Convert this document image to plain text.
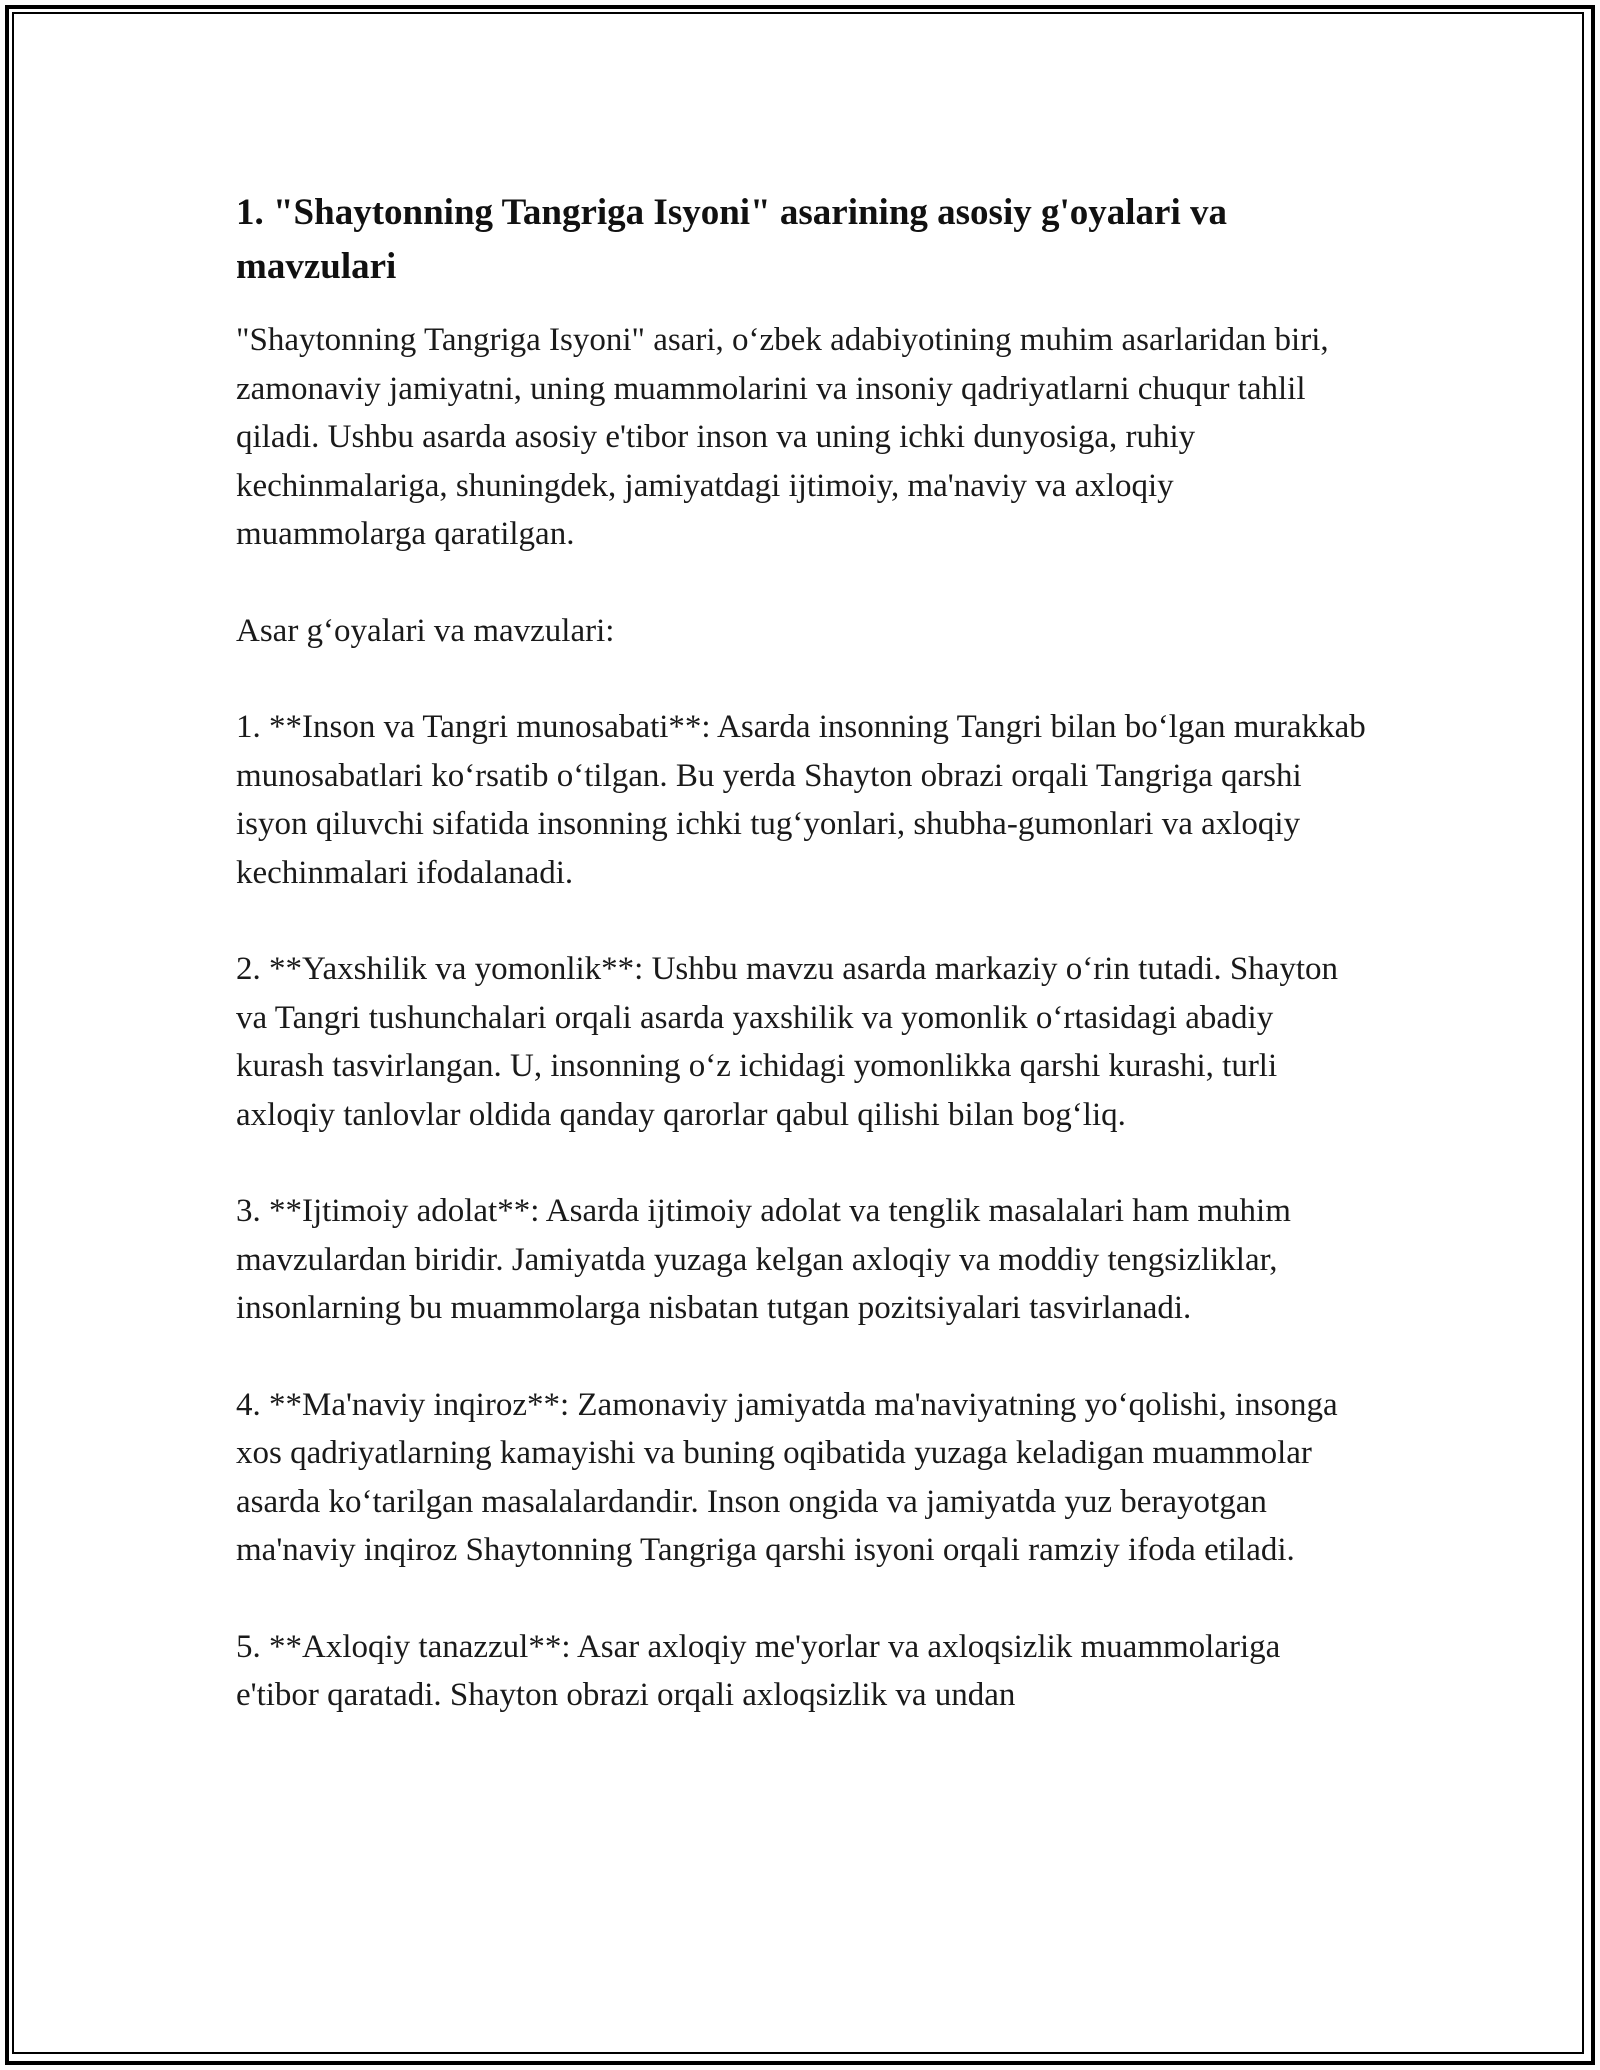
1. "Shaytonning Tangriga Isyoni" asarining asosiy g'oyalari va mavzulari

"Shaytonning Tangriga Isyoni" asari, o‘zbek adabiyotining muhim asarlaridan biri, zamonaviy jamiyatni, uning muammolarini va insoniy qadriyatlarni chuqur tahlil qiladi. Ushbu asarda asosiy e'tibor inson va uning ichki dunyosiga, ruhiy kechinmalariga, shuningdek, jamiyatdagi ijtimoiy, ma'naviy va axloqiy muammolarga qaratilgan.

Asar g‘oyalari va mavzulari:

1. **Inson va Tangri munosabati**: Asarda insonning Tangri bilan bo‘lgan murakkab munosabatlari ko‘rsatib o‘tilgan. Bu yerda Shayton obrazi orqali Tangriga qarshi isyon qiluvchi sifatida insonning ichki tug‘yonlari, shubha-gumonlari va axloqiy kechinmalari ifodalanadi.

2. **Yaxshilik va yomonlik**: Ushbu mavzu asarda markaziy o‘rin tutadi. Shayton va Tangri tushunchalari orqali asarda yaxshilik va yomonlik o‘rtasidagi abadiy kurash tasvirlangan. U, insonning o‘z ichidagi yomonlikka qarshi kurashi, turli axloqiy tanlovlar oldida qanday qarorlar qabul qilishi bilan bog‘liq.

3. **Ijtimoiy adolat**: Asarda ijtimoiy adolat va tenglik masalalari ham muhim mavzulardan biridir. Jamiyatda yuzaga kelgan axloqiy va moddiy tengsizliklar, insonlarning bu muammolarga nisbatan tutgan pozitsiyalari tasvirlanadi.

4. **Ma'naviy inqiroz**: Zamonaviy jamiyatda ma'naviyatning yo‘qolishi, insonga xos qadriyatlarning kamayishi va buning oqibatida yuzaga keladigan muammolar asarda ko‘tarilgan masalalardandir. Inson ongida va jamiyatda yuz berayotgan ma'naviy inqiroz Shaytonning Tangriga qarshi isyoni orqali ramziy ifoda etiladi.

5. **Axloqiy tanazzul**: Asar axloqiy me'yorlar va axloqsizlik muammolariga e'tibor qaratadi. Shayton obrazi orqali axloqsizlik va undan
